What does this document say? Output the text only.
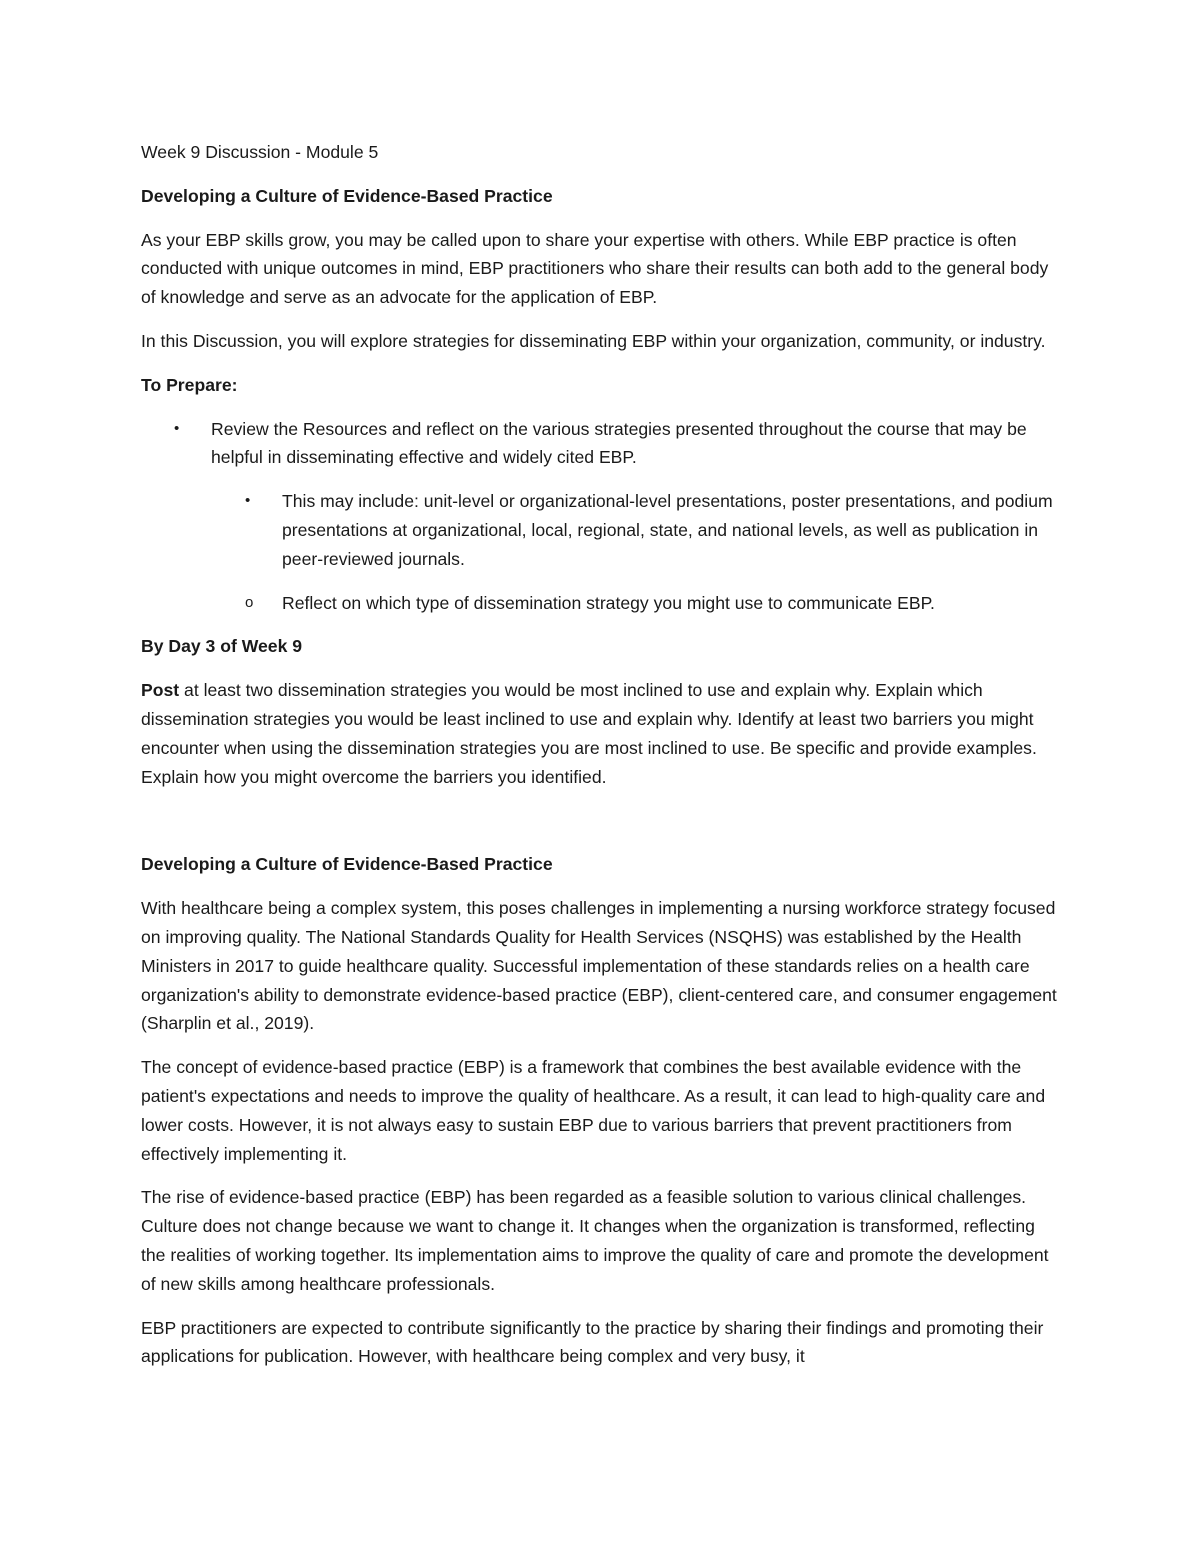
Week 9 Discussion - Module 5

Developing a Culture of Evidence-Based Practice

As your EBP skills grow, you may be called upon to share your expertise with others. While EBP practice is often conducted with unique outcomes in mind, EBP practitioners who share their results can both add to the general body of knowledge and serve as an advocate for the application of EBP.

In this Discussion, you will explore strategies for disseminating EBP within your organization, community, or industry.

To Prepare:

• Review the Resources and reflect on the various strategies presented throughout the course that may be helpful in disseminating effective and widely cited EBP.
• This may include: unit-level or organizational-level presentations, poster presentations, and podium presentations at organizational, local, regional, state, and national levels, as well as publication in peer-reviewed journals.
o Reflect on which type of dissemination strategy you might use to communicate EBP.

By Day 3 of Week 9

Post at least two dissemination strategies you would be most inclined to use and explain why. Explain which dissemination strategies you would be least inclined to use and explain why. Identify at least two barriers you might encounter when using the dissemination strategies you are most inclined to use. Be specific and provide examples. Explain how you might overcome the barriers you identified.

Developing a Culture of Evidence-Based Practice

With healthcare being a complex system, this poses challenges in implementing a nursing workforce strategy focused on improving quality. The National Standards Quality for Health Services (NSQHS) was established by the Health Ministers in 2017 to guide healthcare quality. Successful implementation of these standards relies on a health care organization's ability to demonstrate evidence-based practice (EBP), client-centered care, and consumer engagement (Sharplin et al., 2019).

The concept of evidence-based practice (EBP) is a framework that combines the best available evidence with the patient's expectations and needs to improve the quality of healthcare. As a result, it can lead to high-quality care and lower costs. However, it is not always easy to sustain EBP due to various barriers that prevent practitioners from effectively implementing it.

The rise of evidence-based practice (EBP) has been regarded as a feasible solution to various clinical challenges. Culture does not change because we want to change it. It changes when the organization is transformed, reflecting the realities of working together. Its implementation aims to improve the quality of care and promote the development of new skills among healthcare professionals.

EBP practitioners are expected to contribute significantly to the practice by sharing their findings and promoting their applications for publication. However, with healthcare being complex and very busy, it
